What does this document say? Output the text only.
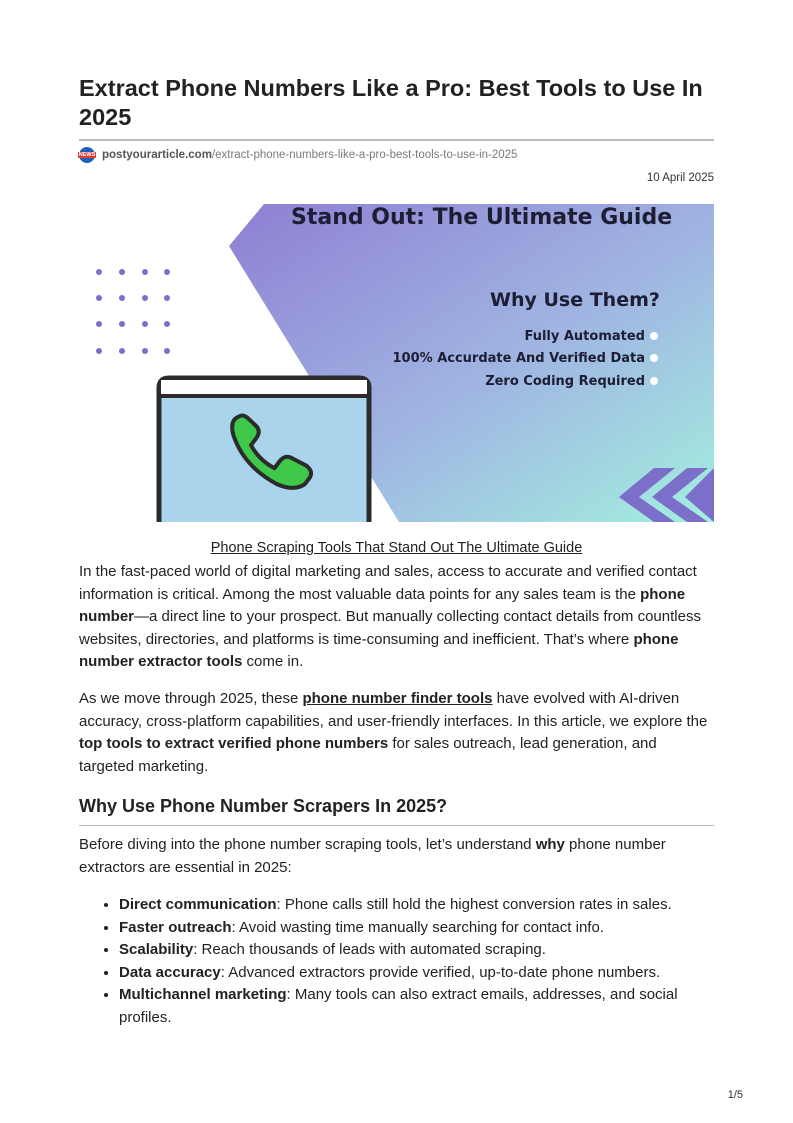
Extract Phone Numbers Like a Pro: Best Tools to Use In 2025
NEWS postyourarticle.com/extract-phone-numbers-like-a-pro-best-tools-to-use-in-2025
10 April 2025
Stand Out: The Ultimate Guide
Why Use Them?
Fully Automated
100% Accurdate And Verified Data
Zero Coding Required
Phone Scraping Tools That Stand Out The Ultimate Guide

In the fast-paced world of digital marketing and sales, access to accurate and verified contact information is critical. Among the most valuable data points for any sales team is the phone number—a direct line to your prospect. But manually collecting contact details from countless websites, directories, and platforms is time-consuming and inefficient. That’s where phone number extractor tools come in.

As we move through 2025, these phone number finder tools have evolved with AI-driven accuracy, cross-platform capabilities, and user-friendly interfaces. In this article, we explore the top tools to extract verified phone numbers for sales outreach, lead generation, and targeted marketing.

Why Use Phone Number Scrapers In 2025?

Before diving into the phone number scraping tools, let’s understand why phone number extractors are essential in 2025:

• Direct communication: Phone calls still hold the highest conversion rates in sales.
• Faster outreach: Avoid wasting time manually searching for contact info.
• Scalability: Reach thousands of leads with automated scraping.
• Data accuracy: Advanced extractors provide verified, up-to-date phone numbers.
• Multichannel marketing: Many tools can also extract emails, addresses, and social profiles.
1/5
